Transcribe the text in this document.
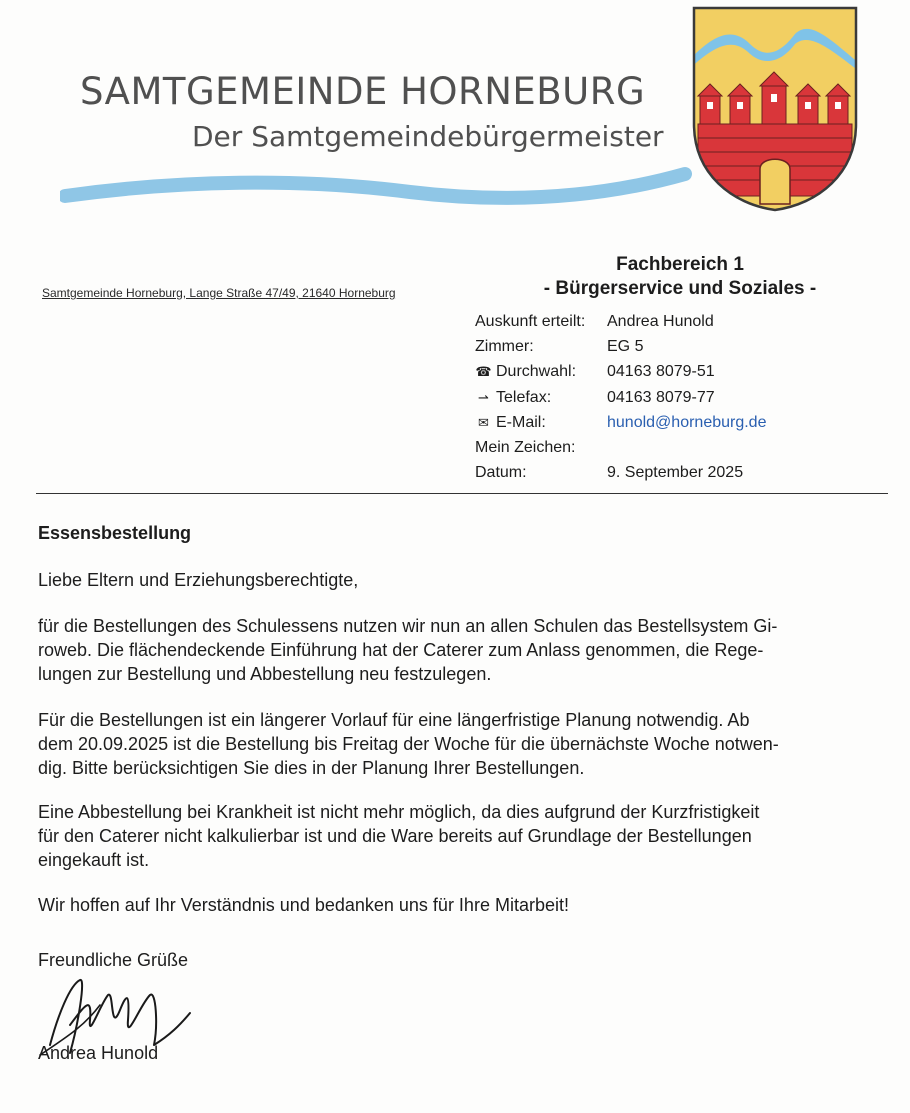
SAMTGEMEINDE HORNEBURG
Der Samtgemeindebürgermeister
Samtgemeinde Horneburg, Lange Straße 47/49, 21640 Horneburg
Fachbereich 1
- Bürgerservice und Soziales -
Auskunft erteilt:	Andrea Hunold
Zimmer:	EG 5
☎ Durchwahl: 04163 8079-51
⇀ Telefax:	04163 8079-77
✉ E-Mail:	hunold@horneburg.de
Mein Zeichen:
Datum:	9. September 2025
Essensbestellung
Liebe Eltern und Erziehungsberechtigte,
für die Bestellungen des Schulessens nutzen wir nun an allen Schulen das Bestellsystem Gi-
roweb. Die flächendeckende Einführung hat der Caterer zum Anlass genommen, die Rege-
lungen zur Bestellung und Abbestellung neu festzulegen.
Für die Bestellungen ist ein längerer Vorlauf für eine längerfristige Planung notwendig. Ab
dem 20.09.2025 ist die Bestellung bis Freitag der Woche für die übernächste Woche notwen-
dig. Bitte berücksichtigen Sie dies in der Planung Ihrer Bestellungen.
Eine Abbestellung bei Krankheit ist nicht mehr möglich, da dies aufgrund der Kurzfristigkeit
für den Caterer nicht kalkulierbar ist und die Ware bereits auf Grundlage der Bestellungen
eingekauft ist.
Wir hoffen auf Ihr Verständnis und bedanken uns für Ihre Mitarbeit!
Freundliche Grüße
Andrea Hunold
